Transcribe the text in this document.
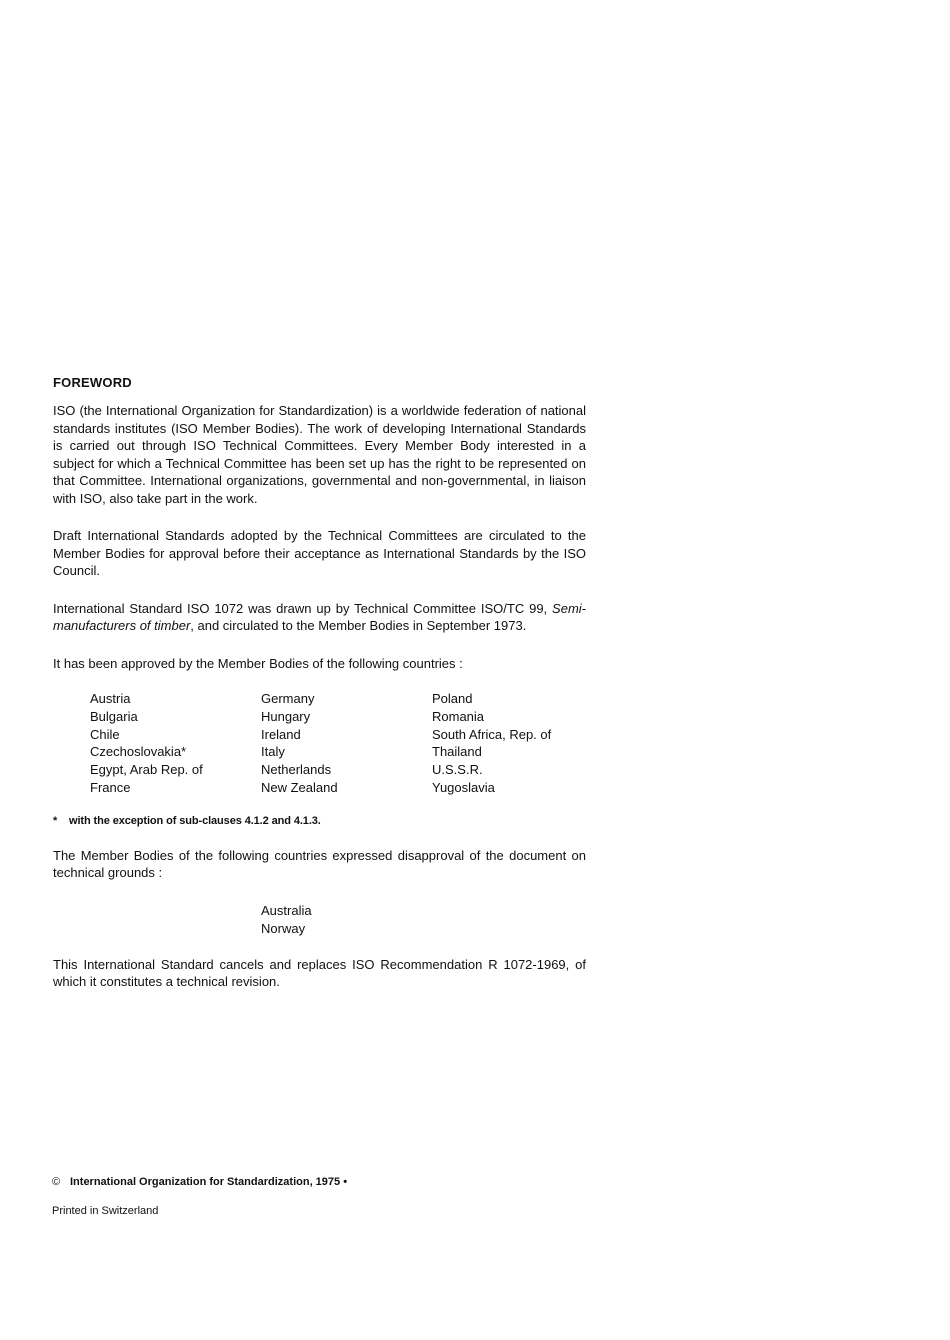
FOREWORD

ISO (the International Organization for Standardization) is a worldwide federation of national standards institutes (ISO Member Bodies). The work of developing International Standards is carried out through ISO Technical Committees. Every Member Body interested in a subject for which a Technical Committee has been set up has the right to be represented on that Committee. International organizations, governmental and non-governmental, in liaison with ISO, also take part in the work.

Draft International Standards adopted by the Technical Committees are circulated to the Member Bodies for approval before their acceptance as International Standards by the ISO Council.

International Standard ISO 1072 was drawn up by Technical Committee ISO/TC 99, Semi-manufacturers of timber, and circulated to the Member Bodies in September 1973.

It has been approved by the Member Bodies of the following countries :

Austria
Bulgaria
Chile
Czechoslovakia*
Egypt, Arab Rep. of
France
Germany
Hungary
Ireland
Italy
Netherlands
New Zealand
Poland
Romania
South Africa, Rep. of
Thailand
U.S.S.R.
Yugoslavia
* with the exception of sub-clauses 4.1.2 and 4.1.3.

The Member Bodies of the following countries expressed disapproval of the document on technical grounds :

Australia
Norway

This International Standard cancels and replaces ISO Recommendation R 1072-1969, of which it constitutes a technical revision.

© International Organization for Standardization, 1975 •
Printed in Switzerland
